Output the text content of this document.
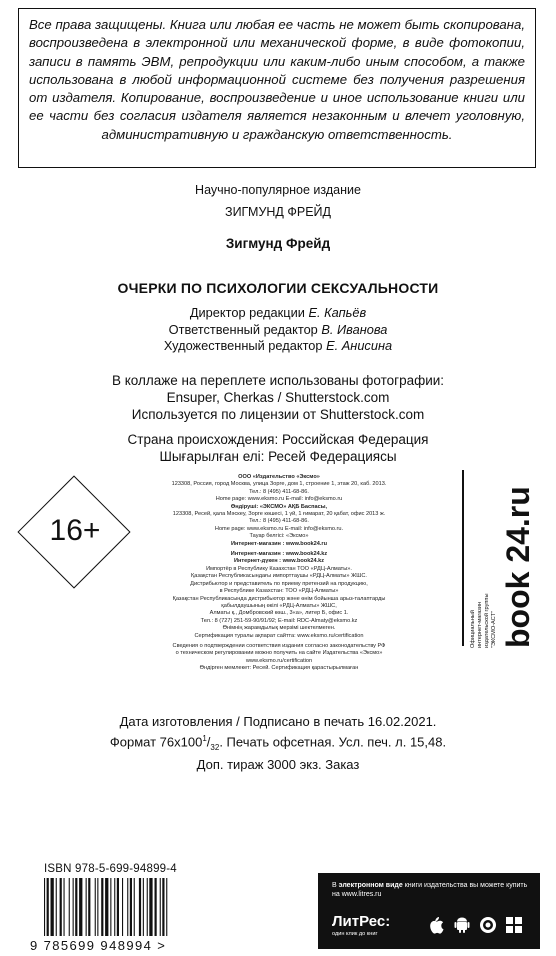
Все права защищены. Книга или любая ее часть не может быть скопирована, воспроизведена в электронной или механической форме, в виде фотокопии, записи в память ЭВМ, репродукции или каким-либо иным способом, а также использована в любой информационной системе без получения разрешения от издателя. Копирование, воспроизведение и иное использование книги или ее части без согласия издателя является незаконным и влечет уголовную, административную и гражданскую ответственность.

Научно-популярное издание
ЗИГМУНД ФРЕЙД
Зигмунд Фрейд
ОЧЕРКИ ПО ПСИХОЛОГИИ СЕКСУАЛЬНОСТИ
Директор редакции Е. Капьёв
Ответственный редактор В. Иванова
Художественный редактор Е. Анисина
В коллаже на переплете использованы фотографии:
Ensuper, Cherkas / Shutterstock.com
Используется по лицензии от Shutterstock.com
Страна происхождения: Российская Федерация
Шығарылған елі: Ресей Федерациясы
ООО «Издательство «Эксмо»
123308, Россия, город Москва, улица Зорге, дом 1, строение 1, этаж 20, каб. 2013.
Тел.: 8 (495) 411-68-86.
Home page: www.eksmo.ru E-mail: info@eksmo.ru
Өндіруші: «ЭКСМО» АҚБ Баспасы,
123308, Ресей, қала Мәскеу, Зорге көшесі, 1 үй, 1 ғимарат, 20 қабат, офис 2013 ж.
Тел.: 8 (495) 411-68-86.
Home page: www.eksmo.ru E-mail: info@eksmo.ru.
Тауар белгісі: «Эксмо»
Интернет-магазин : www.book24.ru
Интернет-магазин : www.book24.kz
Интернет-дүкен : www.book24.kz
Импортёр в Республику Казахстан ТОО «РДЦ-Алматы».
Қазақстан Республикасындағы импорттаушы «РДЦ-Алматы» ЖШС.
Дистрибьютор и представитель по приему претензий на продукцию,
в Республике Казахстан: ТОО «РДЦ-Алматы»
Қазақстан Республикасында дистрибьютор және өнім бойынша арыз-талаптарды
қабылдаушының өкілі «РДЦ-Алматы» ЖШС,
Алматы қ., Домбровский көш., 3«а», литер Б, офис 1.
Тел.: 8 (727) 251-59-90/91/92; E-mail: RDC-Almaty@eksmo.kz
Өнімнің жарамдылық мерзімі шектелмеген.
Сертификация туралы ақпарат сайтта: www.eksmo.ru/certification
Сведения о подтверждении соответствия издания согласно законодательству РФ
о техническом регулировании можно получить на сайте Издательства «Эксмо»
www.eksmo.ru/certification
Өндірген мемлекет: Ресей. Сертификация қарастырылмаған
16+
Официальный интернет-магазин издательской группы "ЭКСМО-АСТ" book 24.ru
Дата изготовления / Подписано в печать 16.02.2021.
Формат $76x100^1/_{32}$. Печать офсетная. Усл. печ. л. 15,48.
Доп. тираж 3000 экз. Заказ
ISBN 978-5-699-94899-4
9 785699 948994 >
В электронном виде книги издательства вы можете купить на www.litres.ru
ЛитРес:
один клик до книг
